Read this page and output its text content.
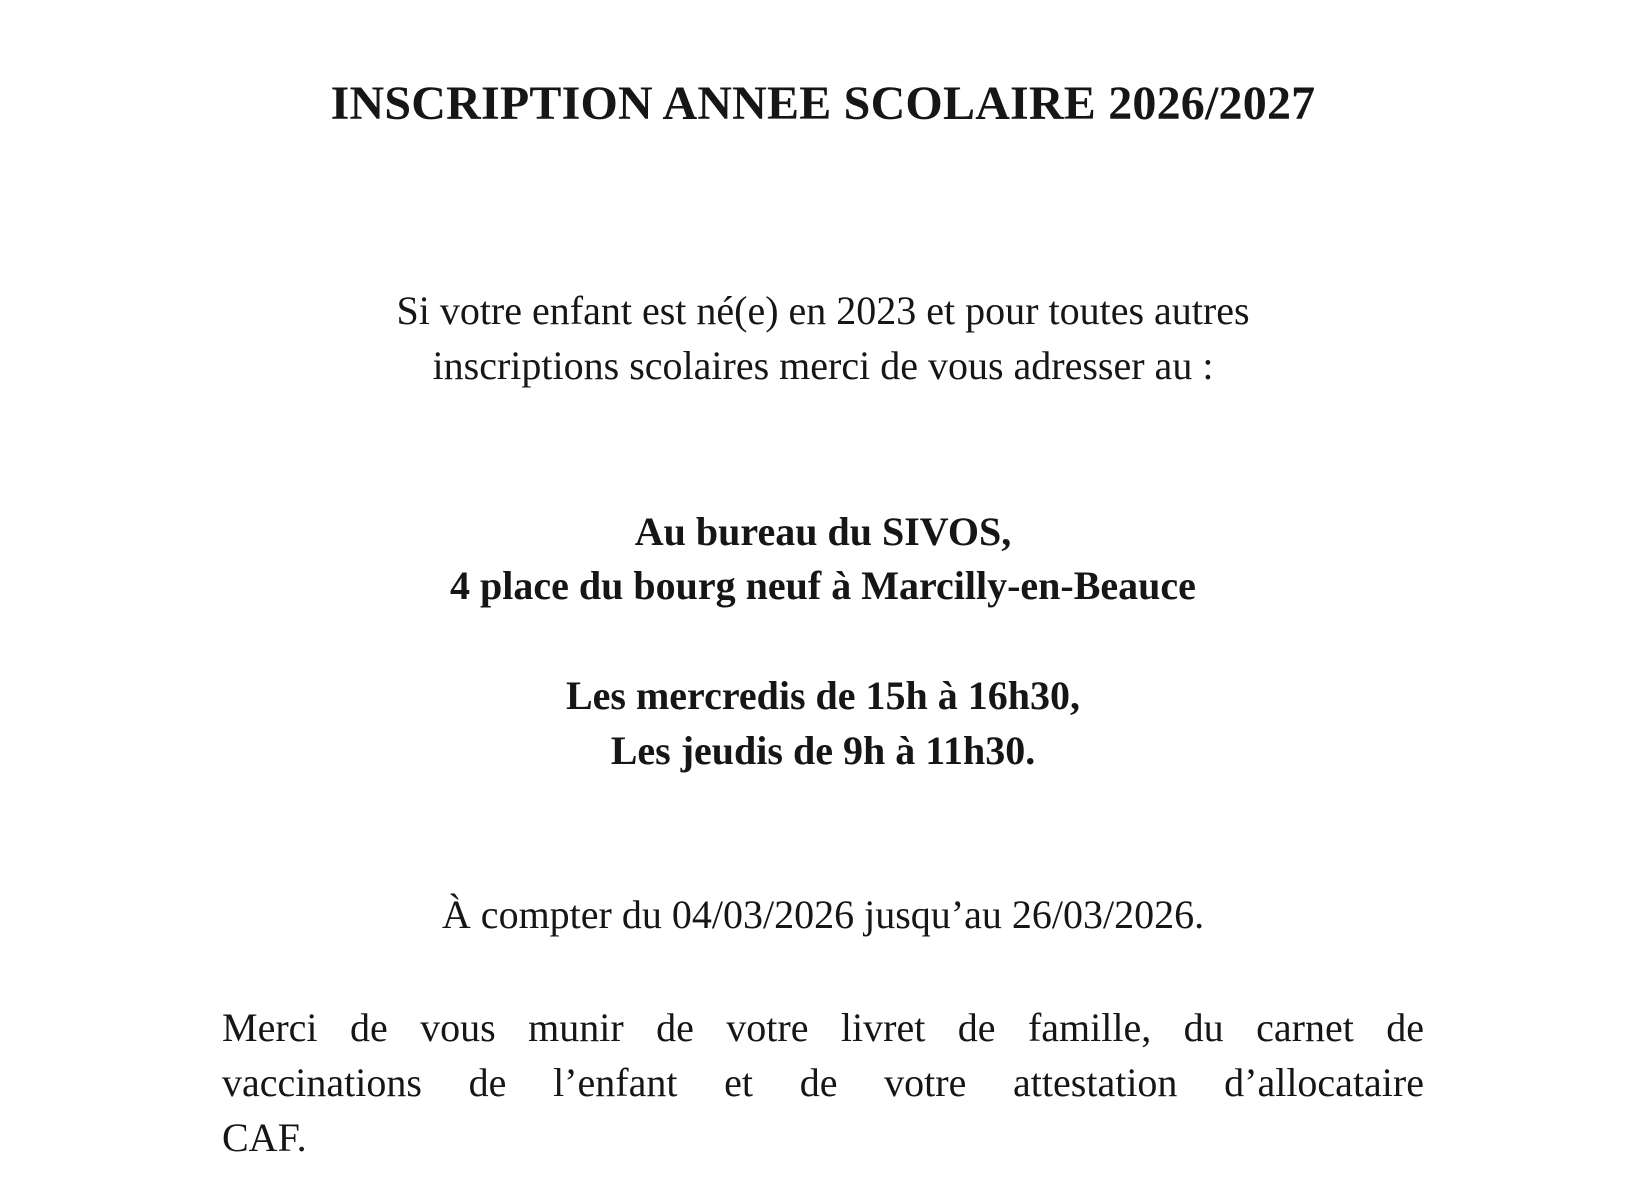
INSCRIPTION ANNEE SCOLAIRE 2026/2027
Si votre enfant est né(e) en 2023 et pour toutes autres
inscriptions scolaires merci de vous adresser au :
Au bureau du SIVOS,
4 place du bourg neuf à Marcilly-en-Beauce
Les mercredis de 15h à 16h30,
Les jeudis de 9h à 11h30.
À compter du 04/03/2026 jusqu’au 26/03/2026.
Merci de vous munir de votre livret de famille, du carnet de
vaccinations de l’enfant et de votre attestation d’allocataire
CAF.
